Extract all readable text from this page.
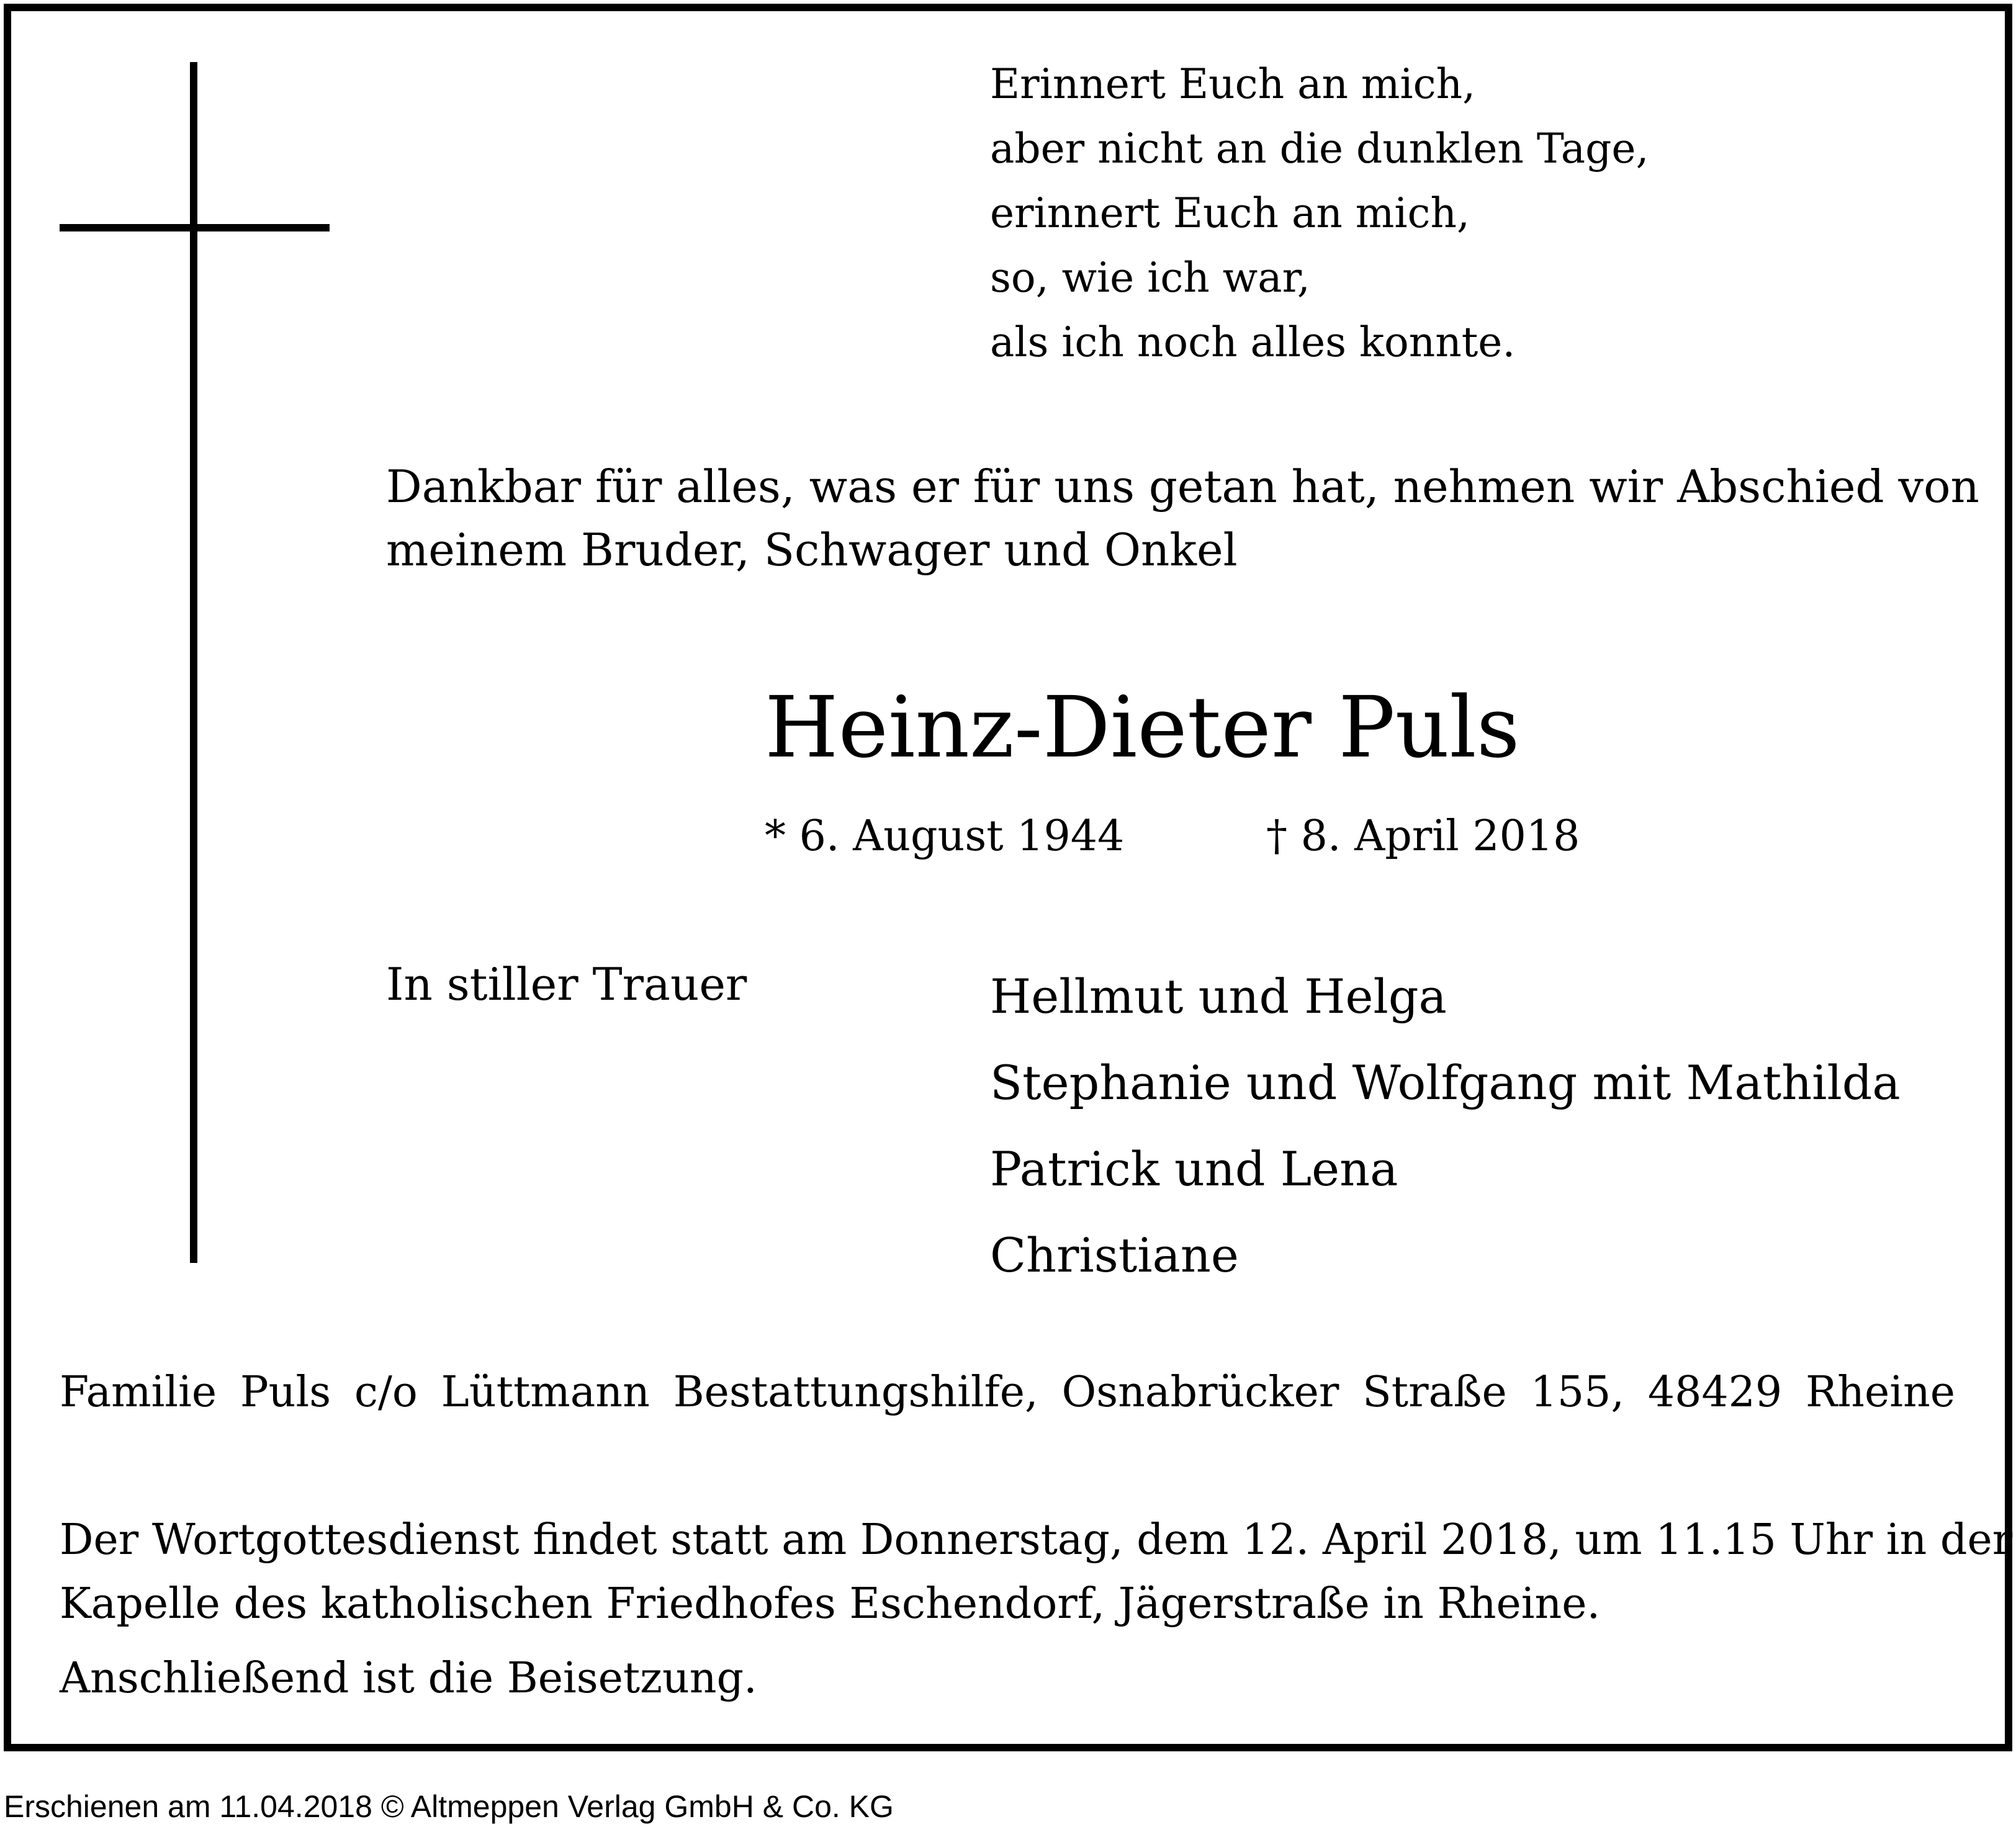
Erinnert Euch an mich,
aber nicht an die dunklen Tage,
erinnert Euch an mich,
so, wie ich war,
als ich noch alles konnte.
Dankbar für alles, was er für uns getan hat, nehmen wir Abschied von
meinem Bruder, Schwager und Onkel
Heinz-Dieter Puls
* 6. August 1944	† 8. April 2018
In stiller Trauer	Hellmut und Helga
Stephanie und Wolfgang mit Mathilda
Patrick und Lena
Christiane
Familie Puls c/o Lüttmann Bestattungshilfe, Osnabrücker Straße 155, 48429 Rheine
Der Wortgottesdienst findet statt am Donnerstag, dem 12. April 2018, um 11.15 Uhr in der
Kapelle des katholischen Friedhofes Eschendorf, Jägerstraße in Rheine.
Anschließend ist die Beisetzung.
Erschienen am 11.04.2018 © Altmeppen Verlag GmbH & Co. KG
